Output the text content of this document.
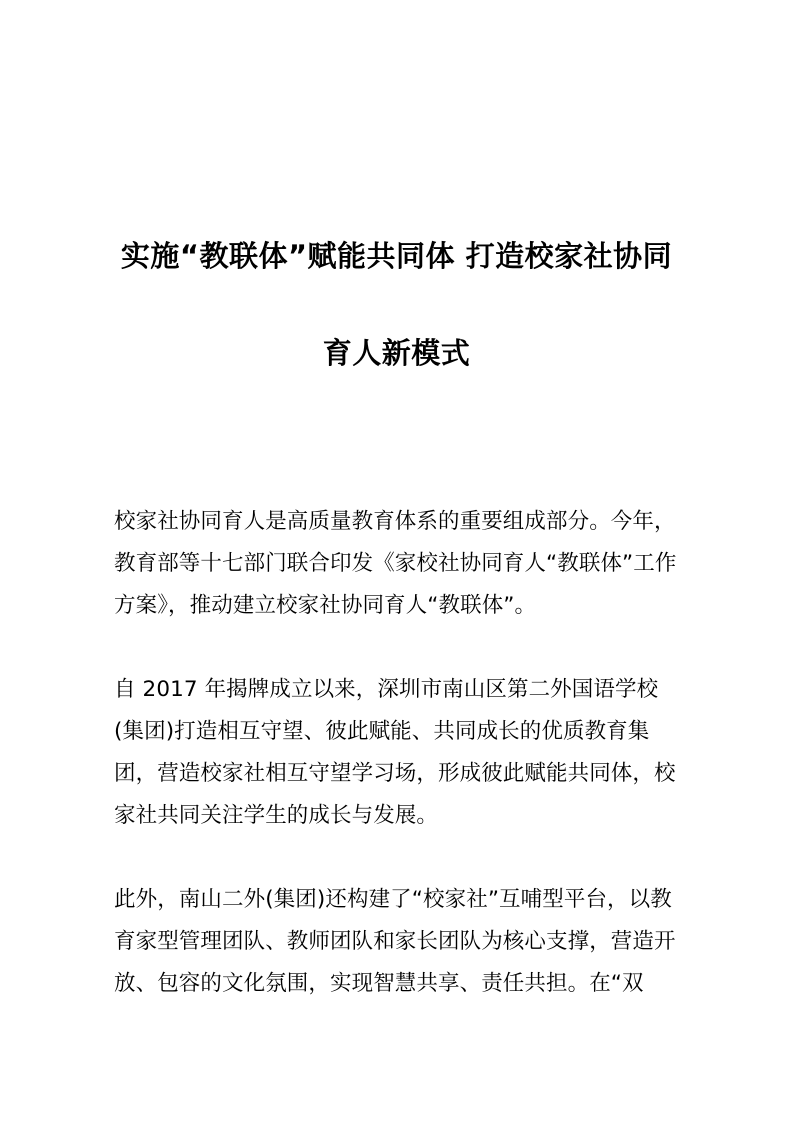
实施“教联体”赋能共同体 打造校家社协同
育人新模式

校家社协同育人是高质量教育体系的重要组成部分。今年，教育部等十七部门联合印发《家校社协同育人“教联体”工作方案》，推动建立校家社协同育人“教联体”。

自 2017 年揭牌成立以来，深圳市南山区第二外国语学校(集团)打造相互守望、彼此赋能、共同成长的优质教育集团，营造校家社相互守望学习场，形成彼此赋能共同体，校家社共同关注学生的成长与发展。

此外，南山二外(集团)还构建了“校家社”互哺型平台，以教育家型管理团队、教师团队和家长团队为核心支撑，营造开放、包容的文化氛围，实现智慧共享、责任共担。在“双
